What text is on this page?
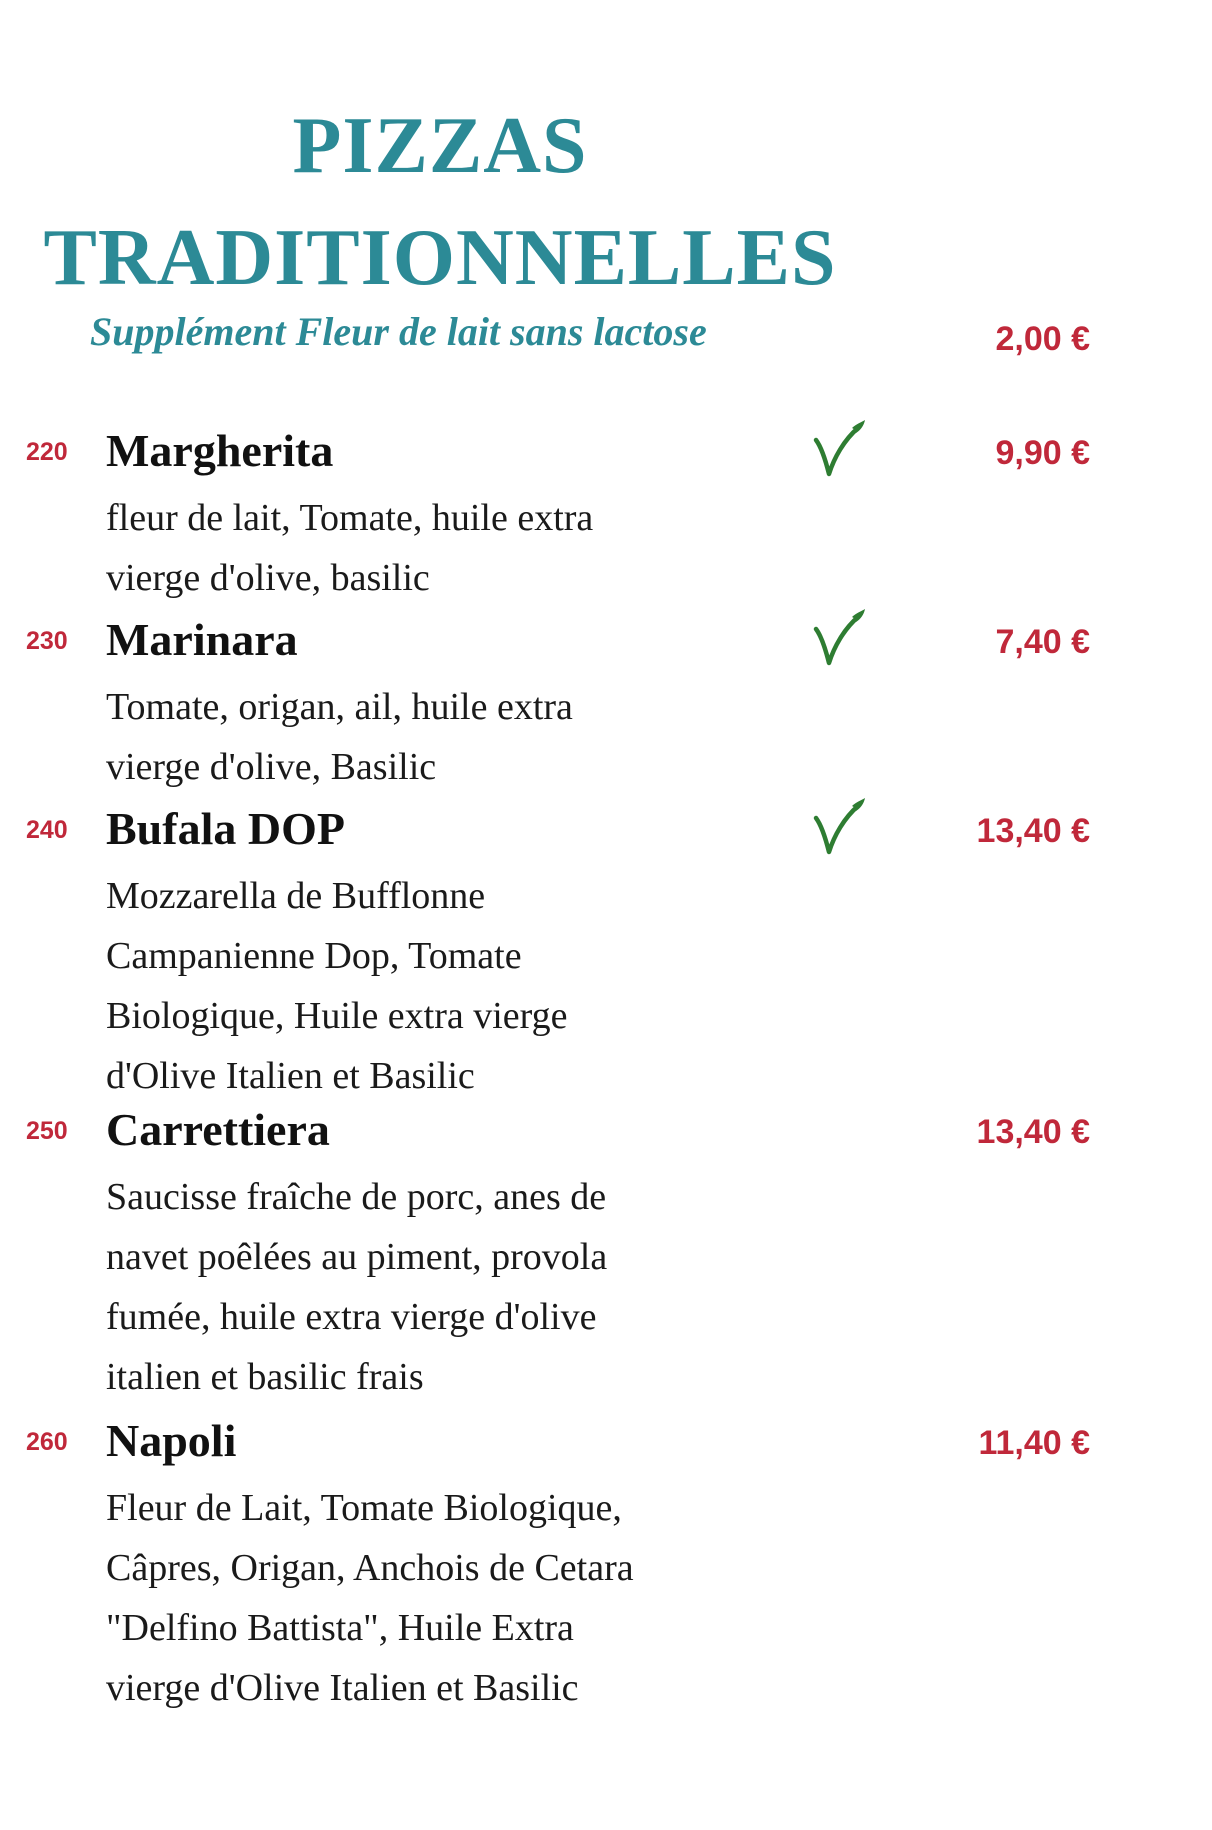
PIZZAS
TRADITIONNELLES
Supplément Fleur de lait sans lactose	2,00 €
220 Margherita	9,90 €
fleur de lait, Tomate, huile extra
vierge d'olive, basilic
230 Marinara	7,40 €
Tomate, origan, ail, huile extra
vierge d'olive, Basilic
240 Bufala DOP	13,40 €
Mozzarella de Bufflonne
Campanienne Dop, Tomate
Biologique, Huile extra vierge
d'Olive Italien et Basilic
250 Carrettiera	13,40 €
Saucisse fraîche de porc, anes de
navet poêlées au piment, provola
fumée, huile extra vierge d'olive
italien et basilic frais
260 Napoli	11,40 €
Fleur de Lait, Tomate Biologique,
Câpres, Origan, Anchois de Cetara
"Delfino Battista", Huile Extra
vierge d'Olive Italien et Basilic
